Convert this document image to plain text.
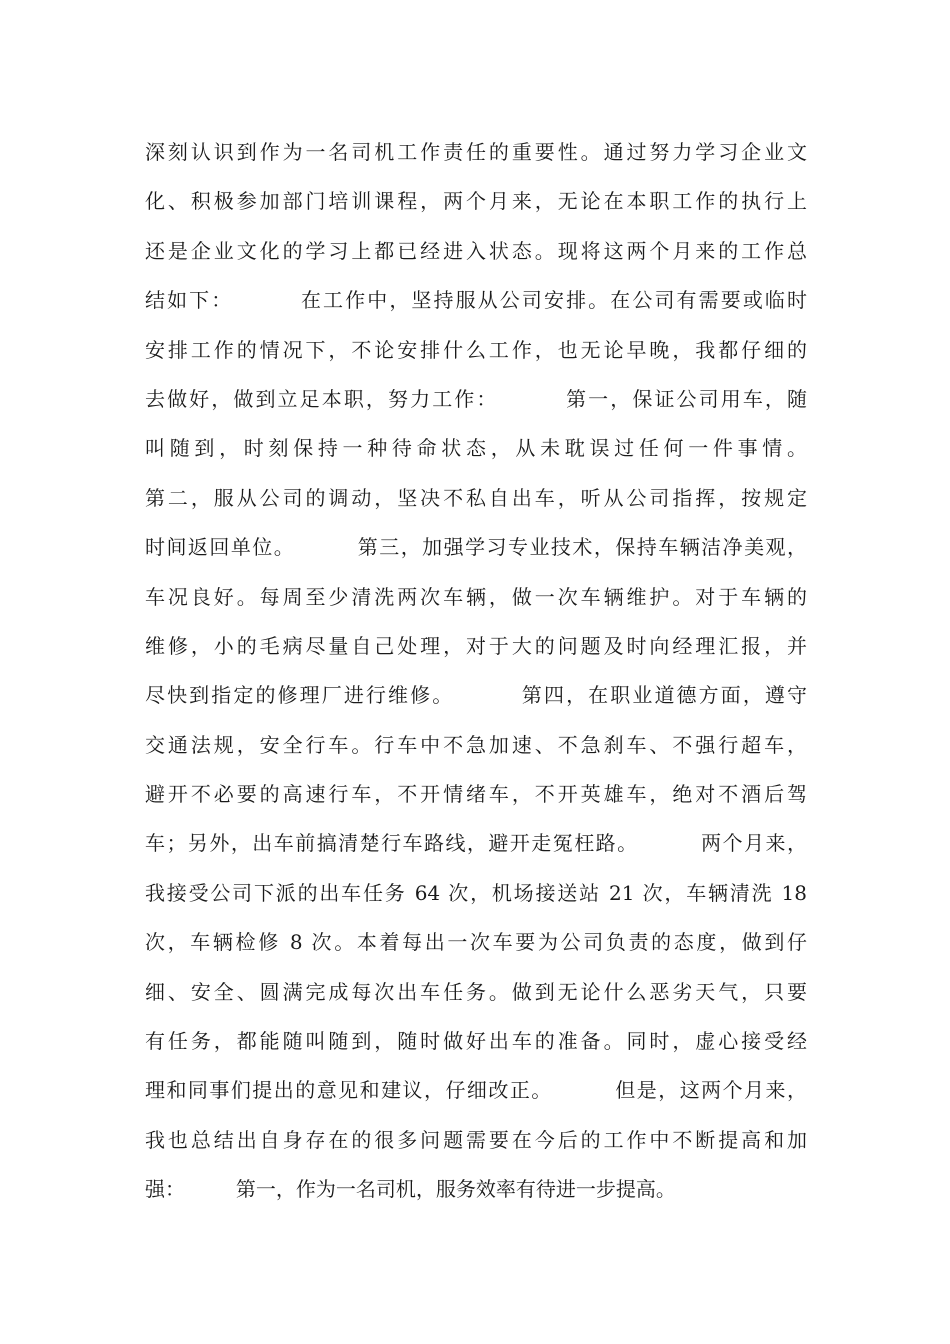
深刻认识到作为一名司机工作责任的重要性。通过努力学习企业文
化、积极参加部门培训课程，两个月来，无论在本职工作的执行上
还是企业文化的学习上都已经进入状态。现将这两个月来的工作总
结如下：        在工作中，坚持服从公司安排。在公司有需要或临时
安排工作的情况下，不论安排什么工作，也无论早晚，我都仔细的
去做好，做到立足本职，努力工作：        第一，保证公司用车，随
叫随到，时刻保持一种待命状态，从未耽误过任何一件事情。
第二，服从公司的调动，坚决不私自出车，听从公司指挥，按规定
时间返回单位。        第三，加强学习专业技术，保持车辆洁净美观，
车况良好。每周至少清洗两次车辆，做一次车辆维护。对于车辆的
维修，小的毛病尽量自己处理，对于大的问题及时向经理汇报，并
尽快到指定的修理厂进行维修。        第四，在职业道德方面，遵守
交通法规，安全行车。行车中不急加速、不急刹车、不强行超车，
避开不必要的高速行车，不开情绪车，不开英雄车，绝对不酒后驾
车；另外，出车前搞清楚行车路线，避开走冤枉路。        两个月来，
我接受公司下派的出车任务 64 次，机场接送站 21 次，车辆清洗 18
次，车辆检修 8 次。本着每出一次车要为公司负责的态度，做到仔
细、安全、圆满完成每次出车任务。做到无论什么恶劣天气，只要
有任务，都能随叫随到，随时做好出车的准备。同时，虚心接受经
理和同事们提出的意见和建议，仔细改正。        但是，这两个月来，
我也总结出自身存在的很多问题需要在今后的工作中不断提高和加
强：        第一，作为一名司机，服务效率有待进一步提高。
